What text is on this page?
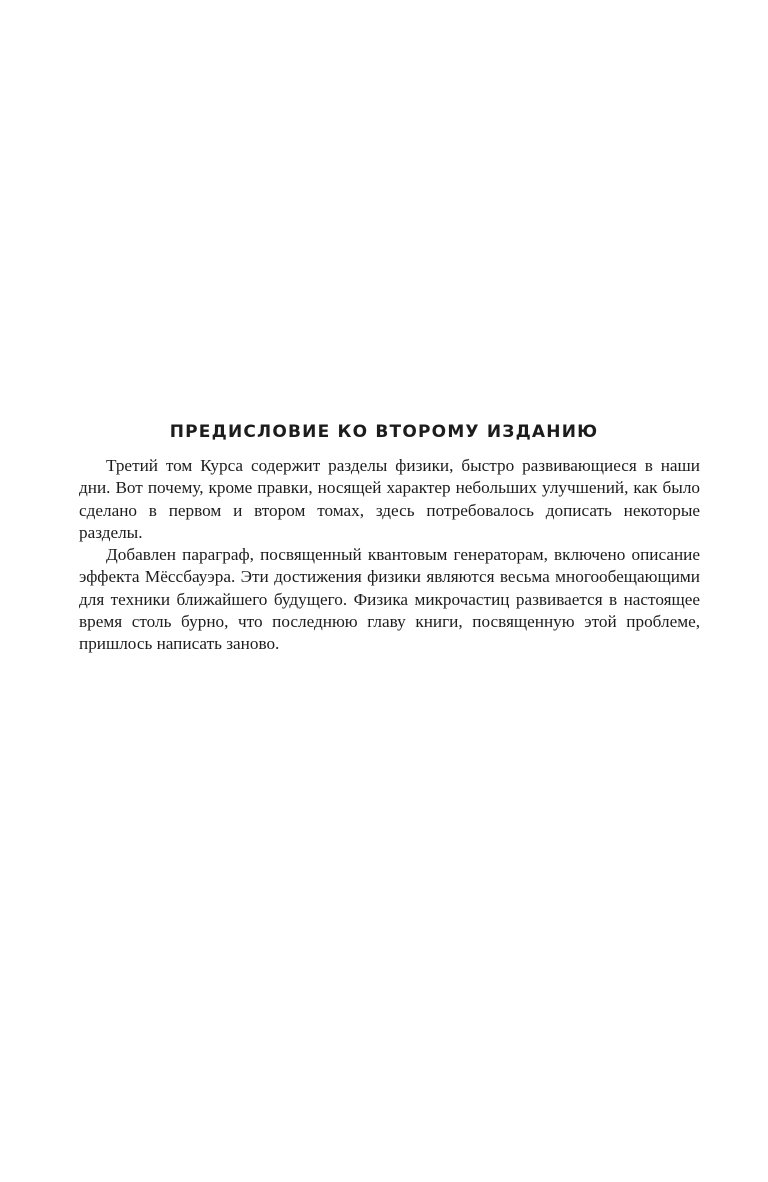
ПРЕДИСЛОВИЕ КО ВТОРОМУ ИЗДАНИЮ

Третий том Курса содержит разделы физики, быстро развивающиеся в наши дни. Вот почему, кроме правки, носящей характер небольших улучшений, как было сделано в первом и втором томах, здесь потребовалось дописать некоторые разделы.

Добавлен параграф, посвященный квантовым генераторам, включено описание эффекта Мёссбауэра. Эти достижения физики являются весьма многообещающими для техники ближайшего будущего. Физика микрочастиц развивается в настоящее время столь бурно, что последнюю главу книги, посвященную этой проблеме, пришлось написать заново.
